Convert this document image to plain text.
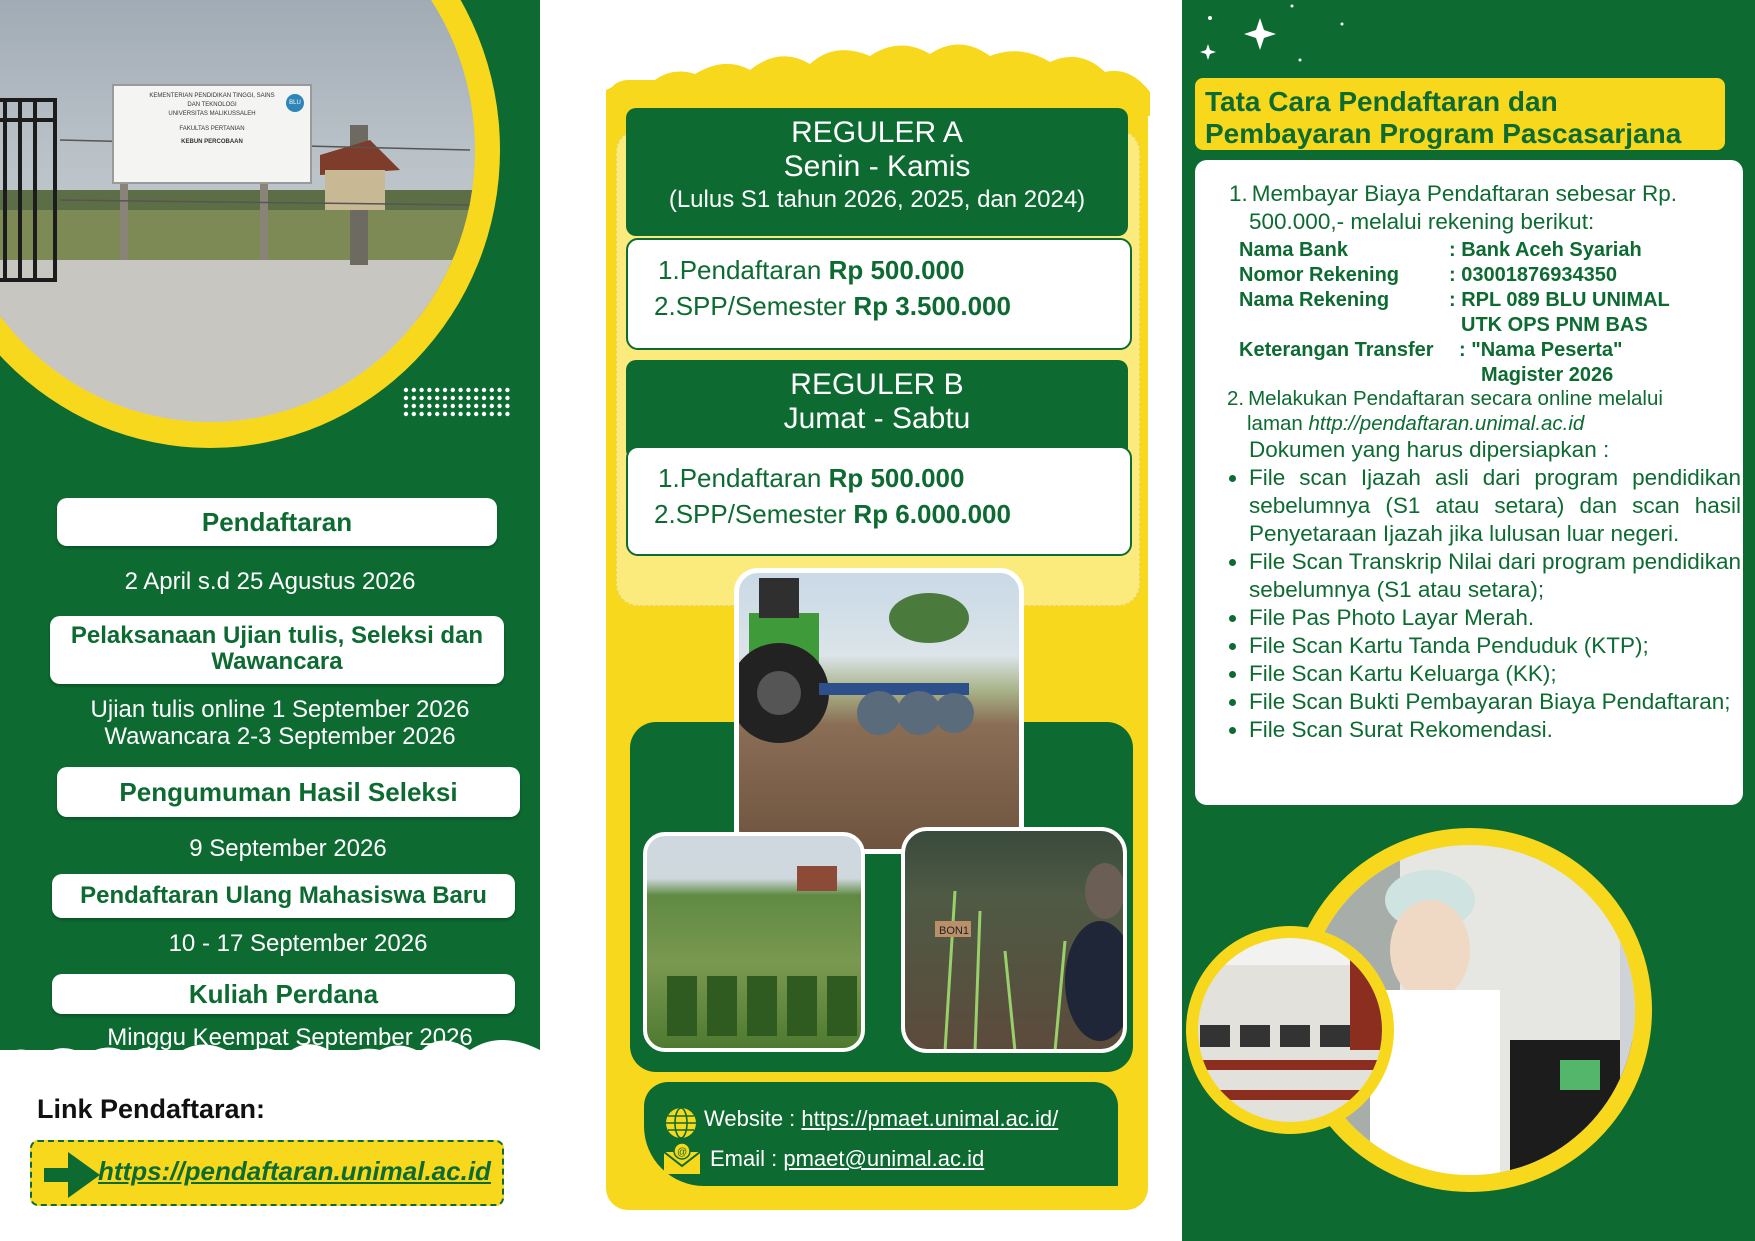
KEMENTERIAN PENDIDIKAN TINGGI, SAINS
DAN TEKNOLOGI
UNIVERSITAS MALIKUSSALEH
FAKULTAS PERTANIAN
KEBUN PERCOBAAN
BLU
Pendaftaran
2 April s.d 25 Agustus 2026
Pelaksanaan Ujian tulis, Seleksi dan Wawancara
Ujian tulis online 1 September 2026
Wawancara 2-3 September 2026
Pengumuman Hasil Seleksi
9 September 2026
Pendaftaran Ulang Mahasiswa Baru
10 - 17 September 2026
Kuliah Perdana
Minggu Keempat September 2026
Link Pendaftaran:
https://pendaftaran.unimal.ac.id
REGULER A
Senin - Kamis
(Lulus S1 tahun 2026, 2025, dan 2024)
1.Pendaftaran Rp 500.000
2.SPP/Semester Rp 3.500.000
REGULER B
Jumat - Sabtu
1.Pendaftaran Rp 500.000
2.SPP/Semester Rp 6.000.000
BON1
Website : https://pmaet.unimal.ac.id/
@ Email : pmaet@unimal.ac.id
Tata Cara Pendaftaran dan
Pembayaran Program Pascasarjana
1. Membayar Biaya Pendaftaran sebesar Rp.
500.000,- melalui rekening berikut:
Nama Bank	: Bank Aceh Syariah
Nomor Rekening : 03001876934350
Nama Rekening	: RPL 089 BLU UNIMAL
UTK OPS PNM BAS
Keterangan Transfer : "Nama Peserta"
Magister 2026
2. Melakukan Pendaftaran secara online melalui
laman http://pendaftaran.unimal.ac.id
Dokumen yang harus dipersiapkan :
• File scan Ijazah asli dari program pendidikan sebelumnya (S1 atau setara) dan scan hasil Penyetaraan Ijazah jika lulusan luar negeri.
• File Scan Transkrip Nilai dari program pendidikan sebelumnya (S1 atau setara);
• File Pas Photo Layar Merah.
• File Scan Kartu Tanda Penduduk (KTP);
• File Scan Kartu Keluarga (KK);
• File Scan Bukti Pembayaran Biaya Pendaftaran;
• File Scan Surat Rekomendasi.
